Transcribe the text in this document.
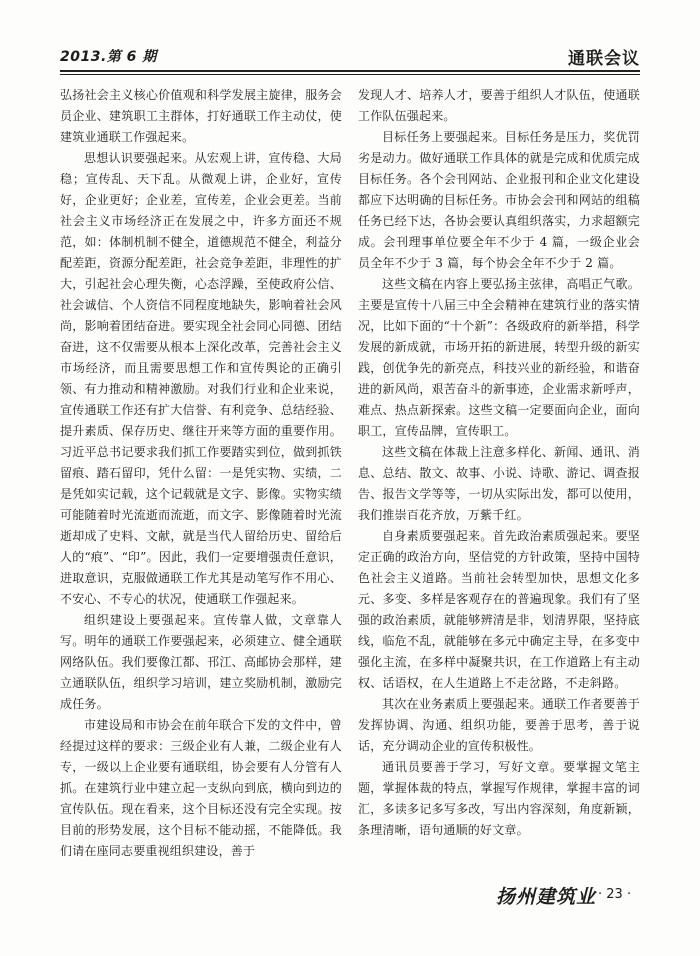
2013.第 6 期	通联会议

弘扬社会主义核心价值观和科学发展主旋律，服务会员企业、建筑职工主群体，打好通联工作主动仗，使建筑业通联工作强起来。

思想认识要强起来。从宏观上讲，宣传稳、大局稳；宣传乱、天下乱。从微观上讲，企业好，宣传好，企业更好；企业差，宣传差，企业会更差。当前社会主义市场经济正在发展之中，许多方面还不规范，如：体制机制不健全，道德规范不健全，利益分配差距，资源分配差距，社会竞争差距，非理性的扩大，引起社会心理失衡，心态浮躁，至使政府公信、社会诚信、个人资信不同程度地缺失，影响着社会风尚，影响着团结奋进。要实现全社会同心同德、团结奋进，这不仅需要从根本上深化改革，完善社会主义市场经济，而且需要思想工作和宣传舆论的正确引领、有力推动和精神激励。对我们行业和企业来说，宣传通联工作还有扩大信誉、有利竞争、总结经验、提升素质、保存历史、继往开来等方面的重要作用。习近平总书记要求我们抓工作要踏实到位，做到抓铁留痕、踏石留印，凭什么留：一是凭实物、实绩，二是凭如实记载，这个记载就是文字、影像。实物实绩可能随着时光流逝而流逝，而文字、影像随着时光流逝却成了史料、文献，就是当代人留给历史、留给后人的“痕”、“印”。因此，我们一定要增强责任意识，进取意识，克服做通联工作尤其是动笔写作不用心、不安心、不专心的状况，使通联工作强起来。

组织建设上要强起来。宣传靠人做，文章靠人写。明年的通联工作要强起来，必须建立、健全通联网络队伍。我们要像江都、邗江、高邮协会那样，建立通联队伍，组织学习培训，建立奖励机制，激励完成任务。

市建设局和市协会在前年联合下发的文件中，曾经提过这样的要求：三级企业有人兼，二级企业有人专，一级以上企业要有通联组，协会要有人分管有人抓。在建筑行业中建立起一支纵向到底，横向到边的宣传队伍。现在看来，这个目标还没有完全实现。按目前的形势发展，这个目标不能动摇，不能降低。我们请在座同志要重视组织建设，善于

发现人才、培养人才，要善于组织人才队伍，使通联工作队伍强起来。

目标任务上要强起来。目标任务是压力，奖优罚劣是动力。做好通联工作具体的就是完成和优质完成目标任务。各个会刊网站、企业报刊和企业文化建设都应下达明确的目标任务。市协会会刊和网站的组稿任务已经下达，各协会要认真组织落实，力求超额完成。会刊理事单位要全年不少于 4 篇，一级企业会员全年不少于 3 篇，每个协会全年不少于 2 篇。

这些文稿在内容上要弘扬主弦律，高唱正气歌。主要是宣传十八届三中全会精神在建筑行业的落实情况，比如下面的“十个新”：各级政府的新举措，科学发展的新成就，市场开拓的新进展，转型升级的新实践，创优争先的新亮点，科技兴业的新经验，和谐奋进的新风尚，艰苦奋斗的新事迹，企业需求新呼声，难点、热点新探索。这些文稿一定要面向企业，面向职工，宣传品牌，宣传职工。

这些文稿在体裁上注意多样化、新闻、通讯、消息、总结、散文、故事、小说、诗歌、游记、调查报告、报告文学等等，一切从实际出发，都可以使用，我们推崇百花齐放，万紫千红。

自身素质要强起来。首先政治素质强起来。要坚定正确的政治方向，坚信党的方针政策，坚持中国特色社会主义道路。当前社会转型加快，思想文化多元、多变、多样是客观存在的普遍现象。我们有了坚强的政治素质，就能够辨清是非，划清界限，坚持底线，临危不乱，就能够在多元中确定主导，在多变中强化主流，在多样中凝聚共识，在工作道路上有主动权、话语权，在人生道路上不走岔路，不走斜路。

其次在业务素质上要强起来。通联工作者要善于发挥协调、沟通、组织功能，要善于思考，善于说话，充分调动企业的宣传积极性。

通讯员要善于学习，写好文章。要掌握文笔主题，掌握体裁的特点，掌握写作规律，掌握丰富的词汇，多读多记多写多改，写出内容深刻，角度新颖，条理清晰，语句通顺的好文章。

扬州建筑业 · 23 ·
